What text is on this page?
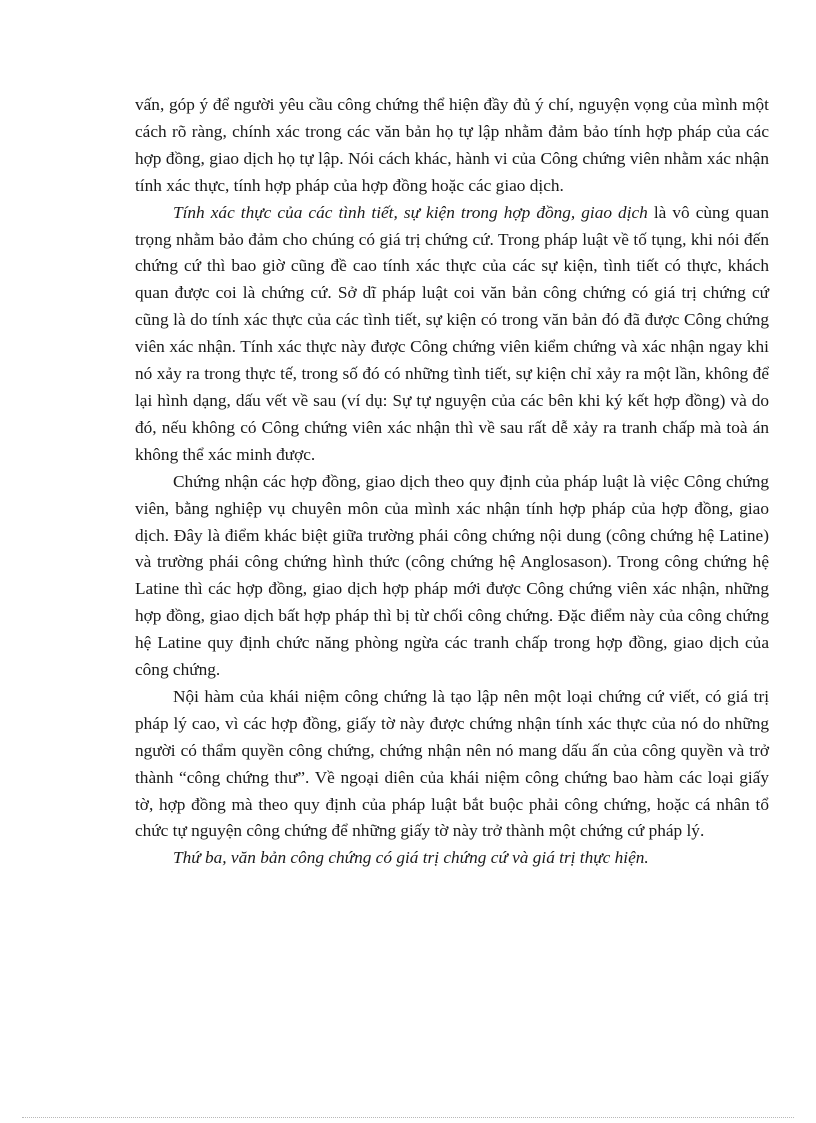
vấn, góp ý để người yêu cầu công chứng thể hiện đầy đủ ý chí, nguyện vọng của mình một cách rõ ràng, chính xác trong các văn bản họ tự lập nhằm đảm bảo tính hợp pháp của các hợp đồng, giao dịch họ tự lập. Nói cách khác, hành vi của Công chứng viên nhằm xác nhận tính xác thực, tính hợp pháp của hợp đồng hoặc các giao dịch.

Tính xác thực của các tình tiết, sự kiện trong hợp đồng, giao dịch là vô cùng quan trọng nhằm bảo đảm cho chúng có giá trị chứng cứ. Trong pháp luật về tố tụng, khi nói đến chứng cứ thì bao giờ cũng đề cao tính xác thực của các sự kiện, tình tiết có thực, khách quan được coi là chứng cứ. Sở dĩ pháp luật coi văn bản công chứng có giá trị chứng cứ cũng là do tính xác thực của các tình tiết, sự kiện có trong văn bản đó đã được Công chứng viên xác nhận. Tính xác thực này được Công chứng viên kiểm chứng và xác nhận ngay khi nó xảy ra trong thực tế, trong số đó có những tình tiết, sự kiện chỉ xảy ra một lần, không để lại hình dạng, dấu vết về sau (ví dụ: Sự tự nguyện của các bên khi ký kết hợp đồng) và do đó, nếu không có Công chứng viên xác nhận thì về sau rất dễ xảy ra tranh chấp mà toà án không thể xác minh được.

Chứng nhận các hợp đồng, giao dịch theo quy định của pháp luật là việc Công chứng viên, bằng nghiệp vụ chuyên môn của mình xác nhận tính hợp pháp của hợp đồng, giao dịch. Đây là điểm khác biệt giữa trường phái công chứng nội dung (công chứng hệ Latine) và trường phái công chứng hình thức (công chứng hệ Anglosason). Trong công chứng hệ Latine thì các hợp đồng, giao dịch hợp pháp mới được Công chứng viên xác nhận, những hợp đồng, giao dịch bất hợp pháp thì bị từ chối công chứng. Đặc điểm này của công chứng hệ Latine quy định chức năng phòng ngừa các tranh chấp trong hợp đồng, giao dịch của công chứng.

Nội hàm của khái niệm công chứng là tạo lập nên một loại chứng cứ viết, có giá trị pháp lý cao, vì các hợp đồng, giấy tờ này được chứng nhận tính xác thực của nó do những người có thẩm quyền công chứng, chứng nhận nên nó mang dấu ấn của công quyền và trở thành “công chứng thư”. Về ngoại diên của khái niệm công chứng bao hàm các loại giấy tờ, hợp đồng mà theo quy định của pháp luật bắt buộc phải công chứng, hoặc cá nhân tổ chức tự nguyện công chứng để những giấy tờ này trở thành một chứng cứ pháp lý.

Thứ ba, văn bản công chứng có giá trị chứng cứ và giá trị thực hiện.
